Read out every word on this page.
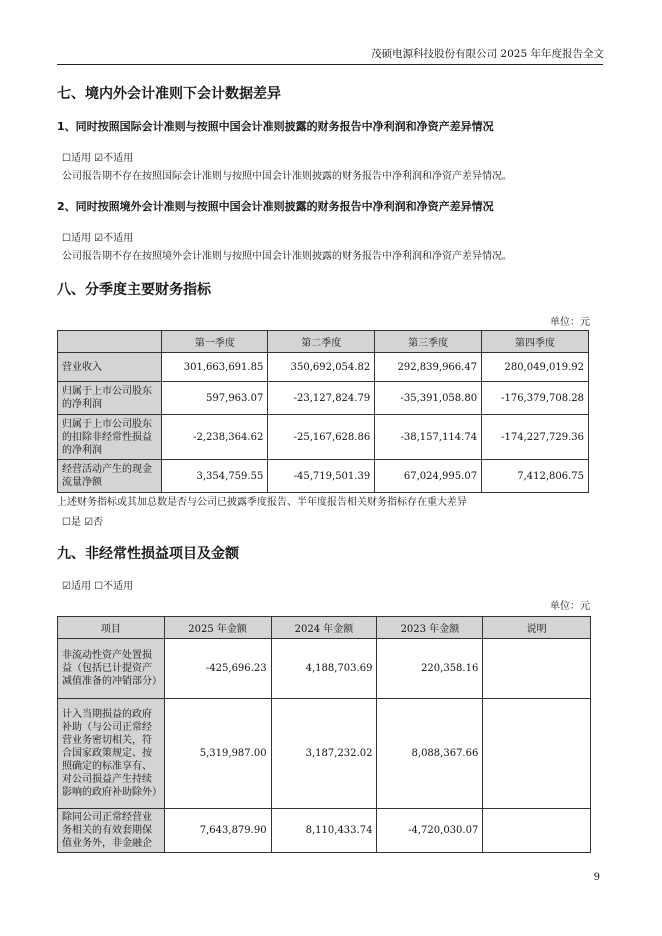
茂硕电源科技股份有限公司 2025 年年度报告全文
七、境内外会计准则下会计数据差异
1、同时按照国际会计准则与按照中国会计准则披露的财务报告中净利润和净资产差异情况
☐适用 ☑不适用
公司报告期不存在按照国际会计准则与按照中国会计准则披露的财务报告中净利润和净资产差异情况。
2、同时按照境外会计准则与按照中国会计准则披露的财务报告中净利润和净资产差异情况
☐适用 ☑不适用
公司报告期不存在按照境外会计准则与按照中国会计准则披露的财务报告中净利润和净资产差异情况。
八、分季度主要财务指标
单位：元
	第一季度	第二季度	第三季度	第四季度
营业收入	301,663,691.85	350,692,054.82	292,839,966.47	280,049,019.92
归属于上市公司股东的净利润	597,963.07	-23,127,824.79	-35,391,058.80	-176,379,708.28
归属于上市公司股东的扣除非经常性损益的净利润	-2,238,364.62	-25,167,628.86	-38,157,114.74	-174,227,729.36
经营活动产生的现金流量净额	3,354,759.55	-45,719,501.39	67,024,995.07	7,412,806.75
上述财务指标或其加总数是否与公司已披露季度报告、半年度报告相关财务指标存在重大差异
☐是 ☑否
九、非经常性损益项目及金额
☑适用 ☐不适用
单位：元
项目	2025 年金额	2024 年金额	2023 年金额	说明
非流动性资产处置损益（包括已计提资产减值准备的冲销部分）	-425,696.23	4,188,703.69	220,358.16	
计入当期损益的政府补助（与公司正常经营业务密切相关，符合国家政策规定、按照确定的标准享有、对公司损益产生持续影响的政府补助除外）	5,319,987.00	3,187,232.02	8,088,367.66	
除同公司正常经营业务相关的有效套期保值业务外，非金融企	7,643,879.90	8,110,433.74	-4,720,030.07	
9
